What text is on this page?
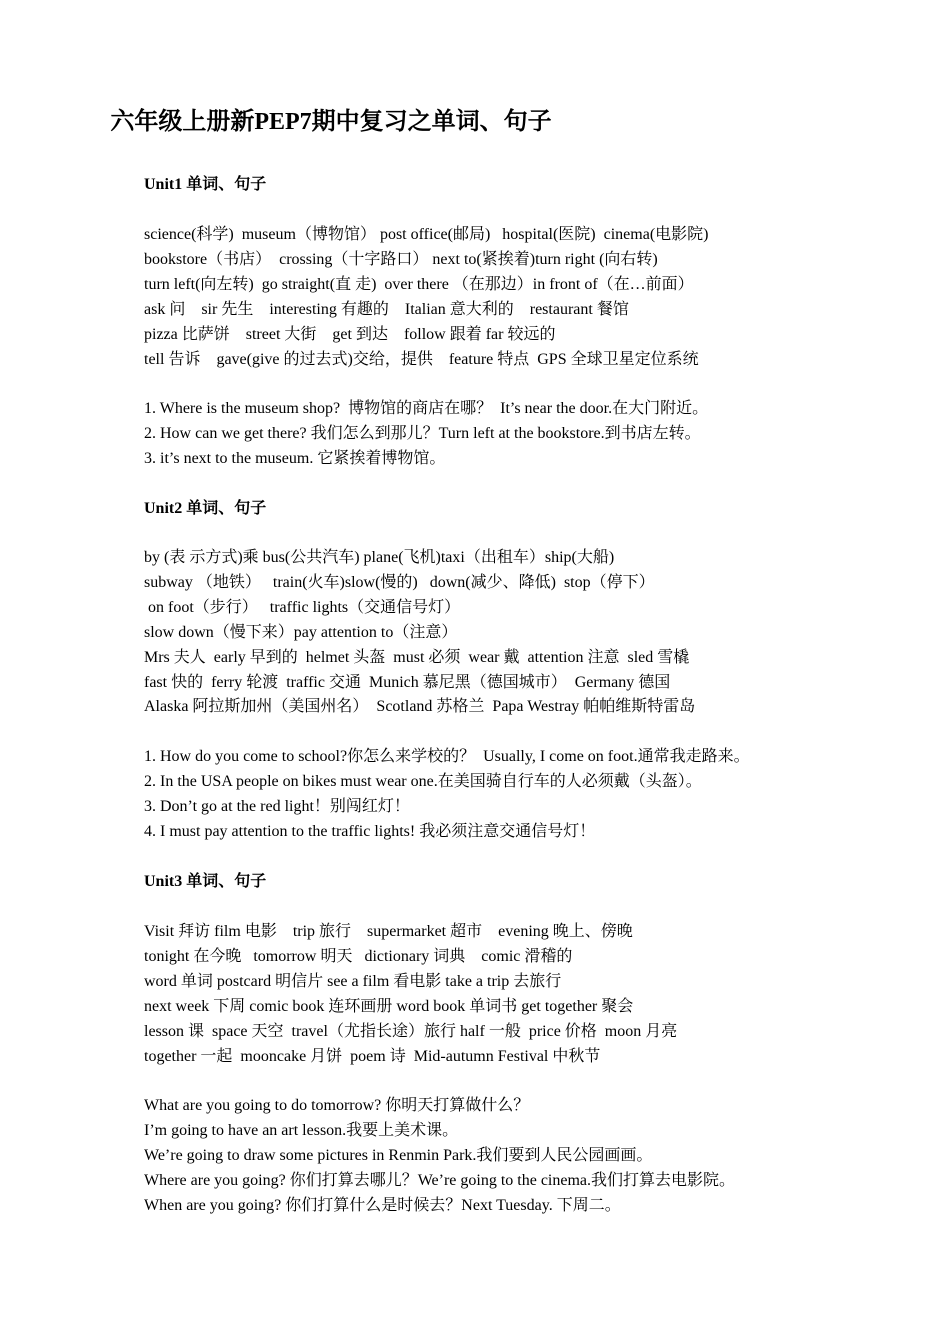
六年级上册新PEP7期中复习之单词、句子
Unit1 单词、句子
science(科学)  museum（博物馆） post office(邮局)   hospital(医院)  cinema(电影院)
bookstore（书店）  crossing（十字路口） next to(紧挨着)turn right (向右转)
turn left(向左转)  go straight(直 走)  over there （在那边）in front of（在…前面）
ask 问    sir 先生    interesting 有趣的    Italian 意大利的    restaurant 餐馆
pizza 比萨饼    street 大街    get 到达    follow 跟着 far 较远的
tell 告诉    gave(give 的过去式)交给，提供    feature 特点  GPS 全球卫星定位系统
1. Where is the museum shop?  博物馆的商店在哪？  It’s near the door.在大门附近。
2. How can we get there? 我们怎么到那儿？Turn left at the bookstore.到书店左转。
3. it’s next to the museum. 它紧挨着博物馆。
Unit2 单词、句子
by (表 示方式)乘 bus(公共汽车) plane(飞机)taxi（出租车）ship(大船)
subway （地铁）   train(火车)slow(慢的)   down(减少、降低)  stop（停下）
on foot（步行）   traffic lights（交通信号灯）
slow down（慢下来）pay attention to（注意）
Mrs 夫人  early 早到的  helmet 头盔  must 必须  wear 戴  attention 注意  sled 雪橇
fast 快的  ferry 轮渡  traffic 交通  Munich 慕尼黑（德国城市）  Germany 德国
Alaska 阿拉斯加州（美国州名）  Scotland 苏格兰  Papa Westray 帕帕维斯特雷岛
1. How do you come to school?你怎么来学校的？  Usually, I come on foot.通常我走路来。
2. In the USA people on bikes must wear one.在美国骑自行车的人必须戴（头盔）。
3. Don’t go at the red light！别闯红灯！
4. I must pay attention to the traffic lights! 我必须注意交通信号灯！
Unit3 单词、句子
Visit 拜访 film 电影    trip 旅行    supermarket 超市    evening 晚上、傍晚
tonight 在今晚   tomorrow 明天   dictionary 词典    comic 滑稽的
word 单词 postcard 明信片 see a film 看电影 take a trip 去旅行
next week 下周 comic book 连环画册 word book 单词书 get together 聚会
lesson 课  space 天空  travel（尤指长途）旅行 half 一般  price 价格  moon 月亮
together 一起  mooncake 月饼  poem 诗  Mid-autumn Festival 中秋节
What are you going to do tomorrow? 你明天打算做什么？
I’m going to have an art lesson.我要上美术课。
We’re going to draw some pictures in Renmin Park.我们要到人民公园画画。
Where are you going? 你们打算去哪儿？We’re going to the cinema.我们打算去电影院。
When are you going? 你们打算什么是时候去？Next Tuesday. 下周二。
